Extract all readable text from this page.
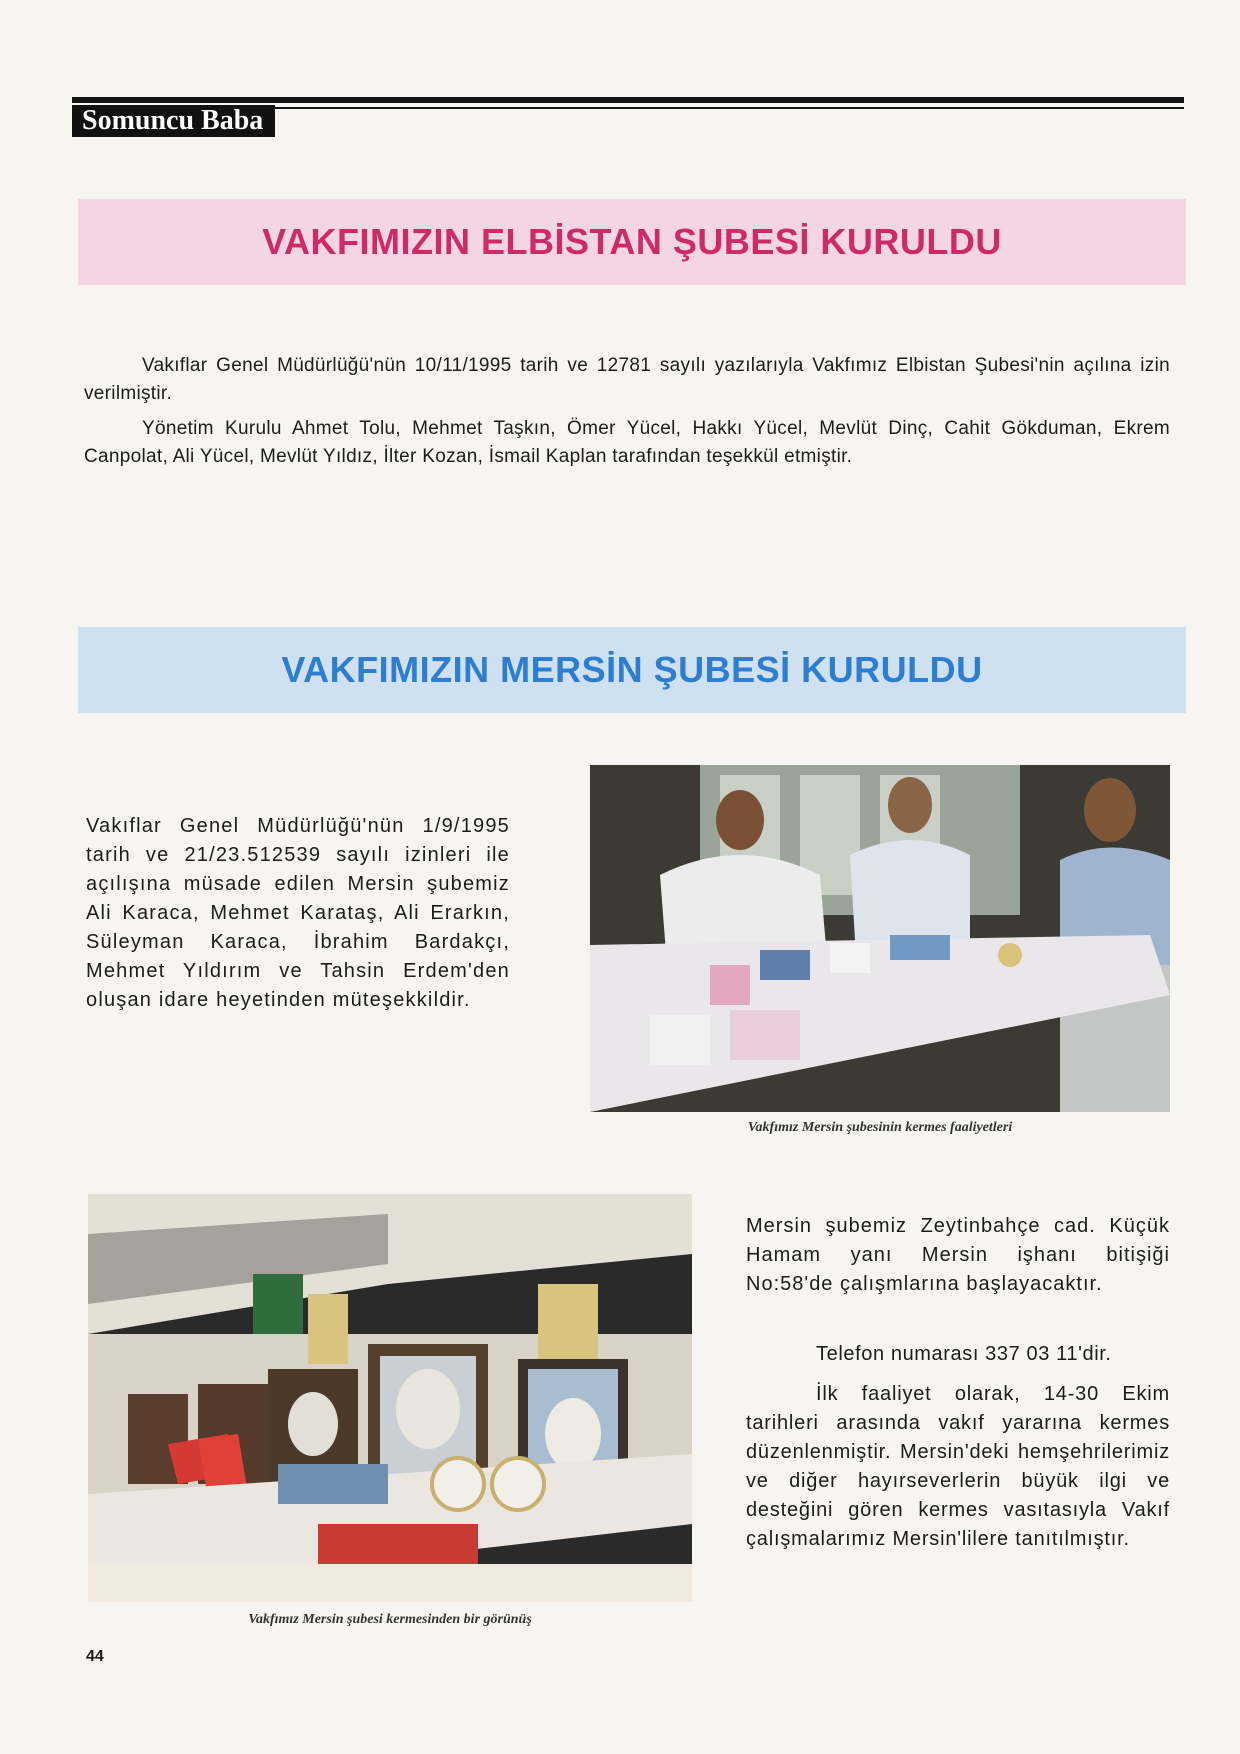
Somuncu Baba
VAKFIMIZIN ELBİSTAN ŞUBESİ KURULDU

Vakıflar Genel Müdürlüğü'nün 10/11/1995 tarih ve 12781 sayılı yazılarıyla Vakfımız Elbistan Şubesi'nin açılına izin verilmiştir.

Yönetim Kurulu Ahmet Tolu, Mehmet Taşkın, Ömer Yücel, Hakkı Yücel, Mevlüt Dinç, Cahit Gökduman, Ekrem Canpolat, Ali Yücel, Mevlüt Yıldız, İlter Kozan, İsmail Kaplan tarafından teşekkül etmiştir.

VAKFIMIZIN MERSİN ŞUBESİ KURULDU

Vakıflar Genel Müdürlüğü'nün 1/9/1995 tarih ve 21/23.512539 sayılı izinleri ile açılışına müsade edilen Mersin şubemiz Ali Karaca, Mehmet Karataş, Ali Erarkın, Süleyman Karaca, İbrahim Bardakçı, Mehmet Yıldırım ve Tahsin Erdem'den oluşan idare heyetinden müteşekkildir.

Vakfımız Mersin şubesinin kermes faaliyetleri
Vakfımız Mersin şubesi kermesinden bir görünüş

Mersin şubemiz Zeytinbahçe cad. Küçük Hamam yanı Mersin işhanı bitişiği No:58'de çalışmlarına başlayacaktır.

Telefon numarası 337 03 11'dir.

İlk faaliyet olarak, 14-30 Ekim tarihleri arasında vakıf yararına kermes düzenlenmiştir. Mersin'deki hemşehrilerimiz ve diğer hayırseverlerin büyük ilgi ve desteğini gören kermes vasıtasıyla Vakıf çalışmalarımız Mersin'lilere tanıtılmıştır.

44
